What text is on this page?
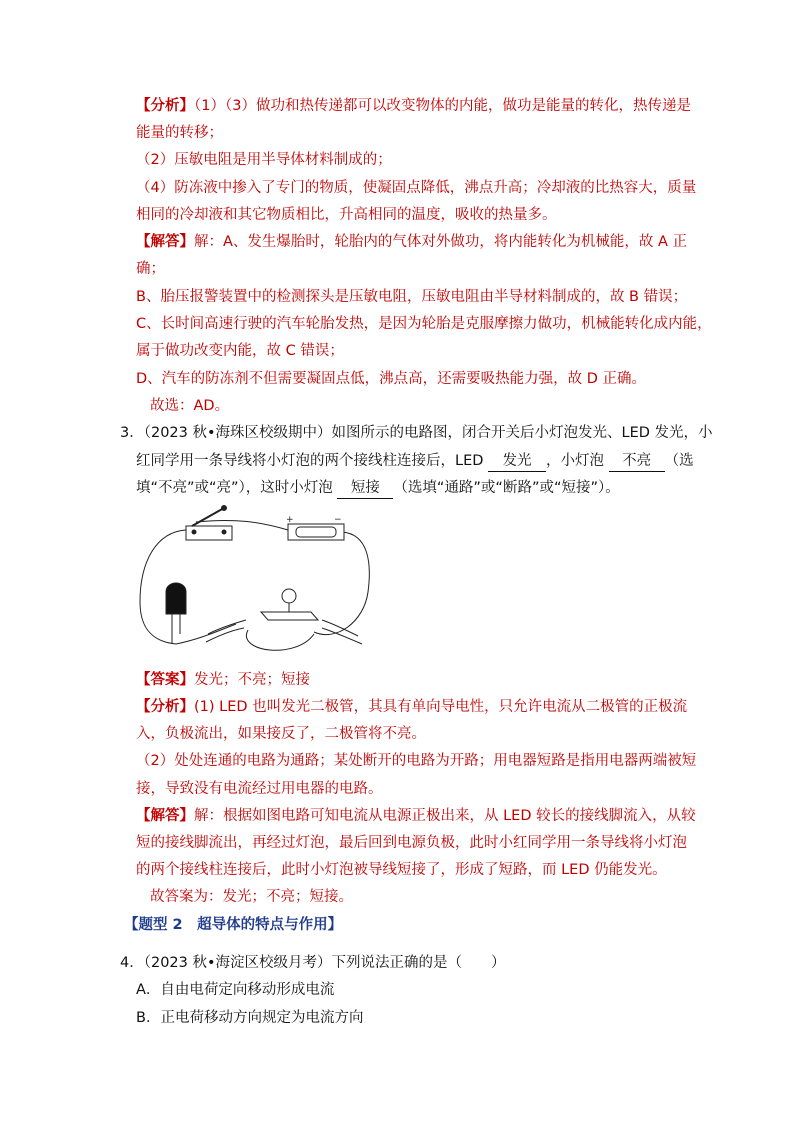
【分析】（1）（3）做功和热传递都可以改变物体的内能，做功是能量的转化，热传递是
能量的转移；
（2）压敏电阻是用半导体材料制成的；
（4）防冻液中掺入了专门的物质，使凝固点降低，沸点升高；冷却液的比热容大，质量
相同的冷却液和其它物质相比，升高相同的温度，吸收的热量多。
【解答】解：A、发生爆胎时，轮胎内的气体对外做功，将内能转化为机械能，故 A 正
确；
B、胎压报警装置中的检测探头是压敏电阻，压敏电阻由半导材料制成的，故 B 错误；
C、长时间高速行驶的汽车轮胎发热，是因为轮胎是克服摩擦力做功，机械能转化成内能，
属于做功改变内能，故 C 错误；
D、汽车的防冻剂不但需要凝固点低，沸点高，还需要吸热能力强，故 D 正确。
故选：AD。
3．（2023 秋•海珠区校级期中）如图所示的电路图，闭合开关后小灯泡发光、LED 发光，小
红同学用一条导线将小灯泡的两个接线柱连接后，LED 发光 ，小灯泡 不亮 （选
填“不亮”或“亮”），这时小灯泡 短接 （选填“通路”或“断路”或“短接”）。
+	−
【答案】发光；不亮；短接
【分析】(1) LED 也叫发光二极管，其具有单向导电性，只允许电流从二极管的正极流
入，负极流出，如果接反了，二极管将不亮。
（2）处处连通的电路为通路；某处断开的电路为开路；用电器短路是指用电器两端被短
接，导致没有电流经过用电器的电路。
【解答】解：根据如图电路可知电流从电源正极出来，从 LED 较长的接线脚流入，从较
短的接线脚流出，再经过灯泡，最后回到电源负极，此时小红同学用一条导线将小灯泡
的两个接线柱连接后，此时小灯泡被导线短接了，形成了短路，而 LED 仍能发光。
故答案为：发光；不亮；短接。
【题型 2　超导体的特点与作用】
4．（2023 秋•海淀区校级月考）下列说法正确的是（　　）
A．自由电荷定向移动形成电流
B．正电荷移动方向规定为电流方向
